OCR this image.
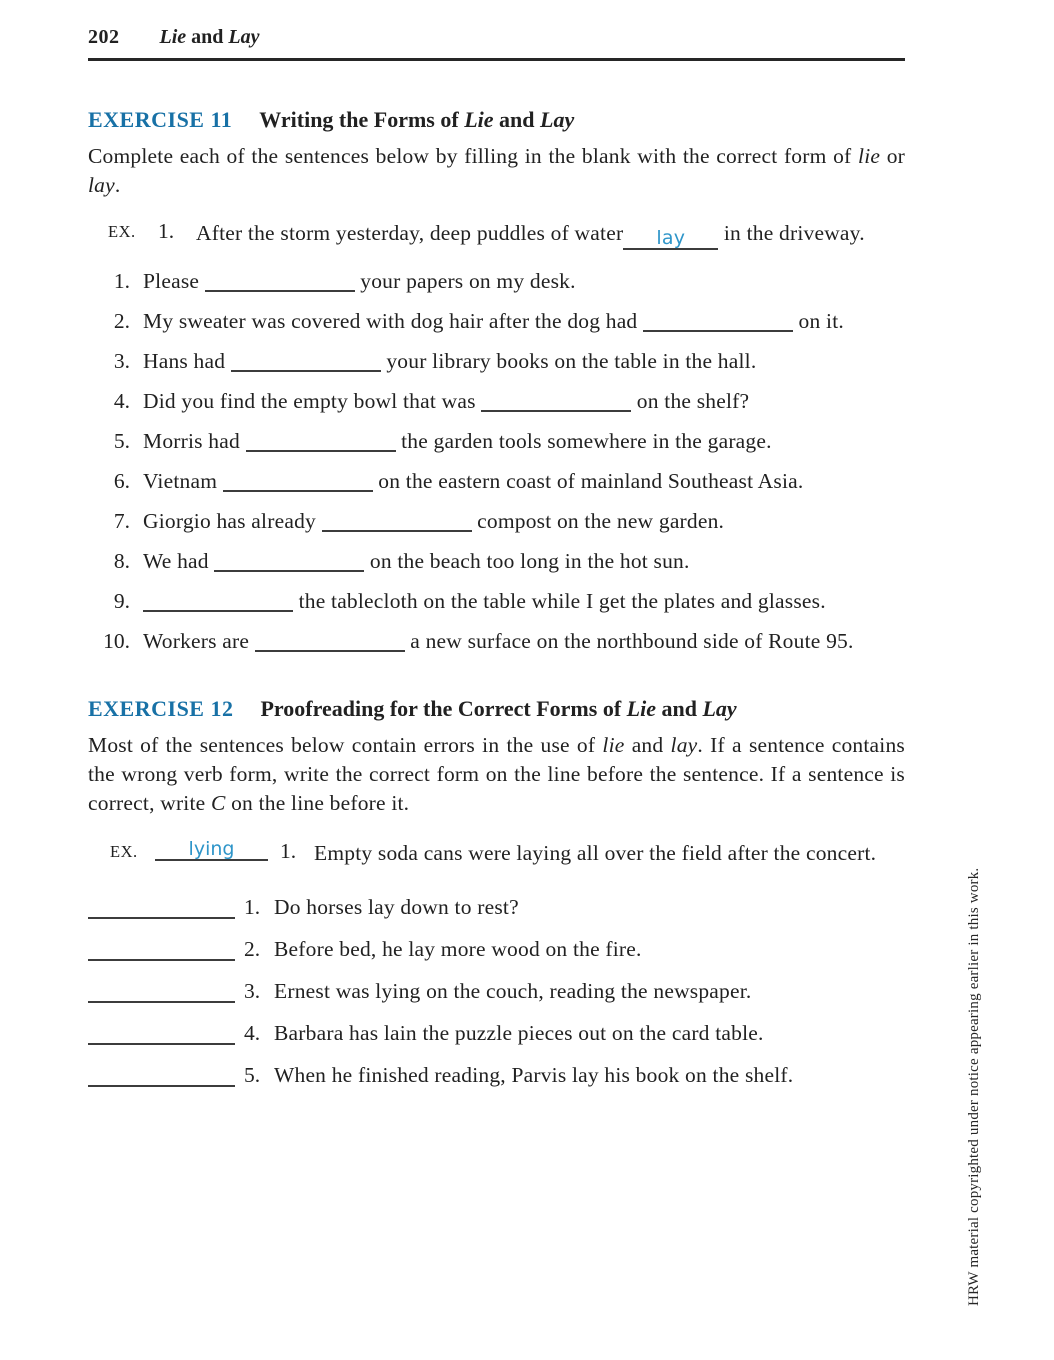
202 Lie and Lay
EXERCISE 11 Writing the Forms of Lie and Lay

Complete each of the sentences below by filling in the blank with the correct form of lie or lay.

EX.	1.	After the storm yesterday, deep puddles of water lay in the driveway.

1. Please	your papers on my desk.

2. My sweater was covered with dog hair after the dog had	on it.

3. Hans had	your library books on the table in the hall.

4. Did you find the empty bowl that was	on the shelf?

5. Morris had	the garden tools somewhere in the garage.

6. Vietnam	on the eastern coast of mainland Southeast Asia.

7. Giorgio has already	compost on the new garden.

8. We had	on the beach too long in the hot sun.

9.	the tablecloth on the table while I get the plates and glasses.

10. Workers are	a new surface on the northbound side of Route 95.

EXERCISE 12 Proofreading for the Correct Forms of Lie and Lay

Most of the sentences below contain errors in the use of lie and lay. If a sentence contains the wrong verb form, write the correct form on the line before the sentence. If a sentence is correct, write C on the line before it.

EX.	lying	1. Empty soda cans were laying all over the field after the concert.

1. Do horses lay down to rest?

2. Before bed, he lay more wood on the fire.

3. Ernest was lying on the couch, reading the newspaper.

4. Barbara has lain the puzzle pieces out on the card table.

5. When he finished reading, Parvis lay his book on the shelf.	HRW material copyrighted under notice appearing earlier in this work.
